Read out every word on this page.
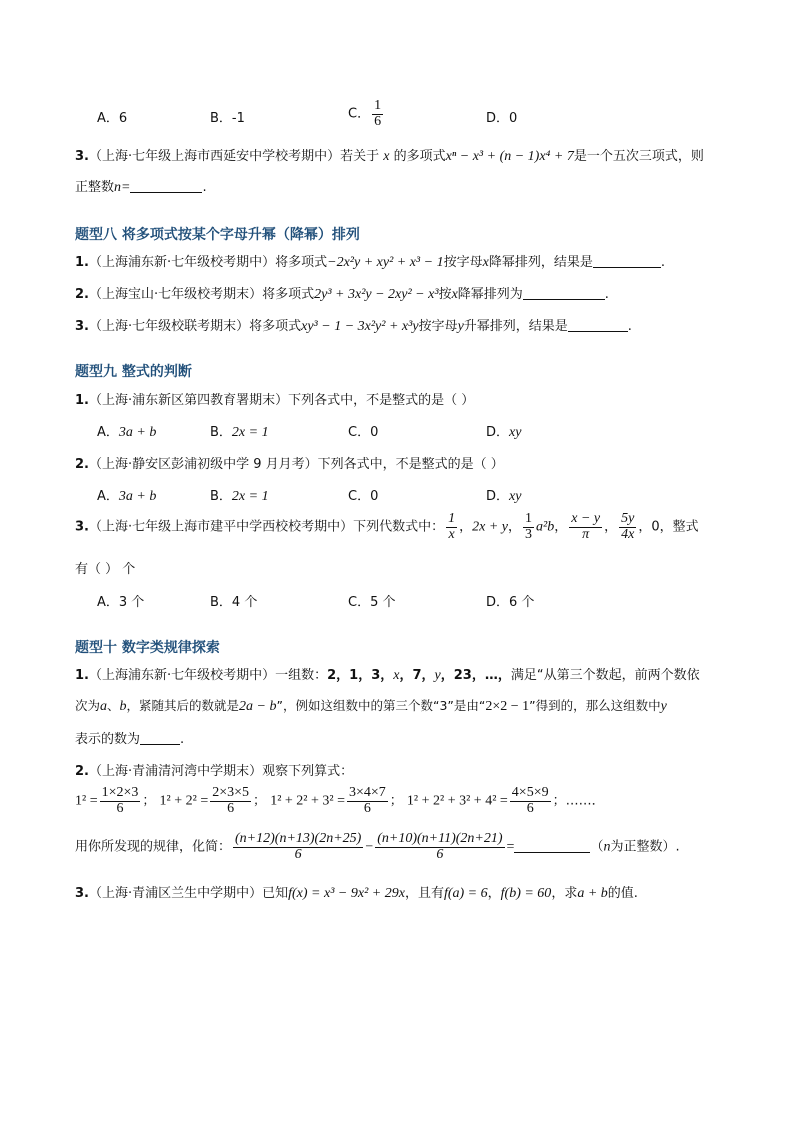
A．6	B．-1	C． $\frac{1}{6}$	D．0
3.（上海·七年级上海市西延安中学校考期中）若关于 x 的多项式xⁿ − x³ + (n − 1)x⁴ + 7是一个五次三项式，则
正整数n=	.
题型八 将多项式按某个字母升幂（降幂）排列
1.（上海浦东新·七年级校考期中）将多项式−2x²y + xy² + x³ − 1按字母x降幂排列，结果是	.
2.（上海宝山·七年级校考期末）将多项式2y³ + 3x²y − 2xy² − x³按x降幂排列为	.
3.（上海·七年级校联考期末）将多项式xy³ − 1 − 3x²y² + x³y按字母y升幂排列，结果是	.
题型九 整式的判断
1.（上海·浦东新区第四教育署期末）下列各式中，不是整式的是（ ）
A．3a + b	B．2x = 1	C．0	D．xy
2.（上海·静安区彭浦初级中学 9 月月考）下列各式中，不是整式的是（ ）
A．3a + b	B．2x = 1	C．0	D．xy
3.（上海·七年级上海市建平中学西校校考期中）下列代数式中： $\frac{1}{x}$ ，2x + y， $\frac{1}{3} a^2b$， $\frac{x - y}{\pi}$ ， $\frac{5y}{4x}$ ，0，整式
有（ ） 个
A．3 个	B．4 个	C．5 个	D．6 个
题型十 数字类规律探索
1.（上海浦东新·七年级校考期中）一组数：2，1，3，x，7，y，23，…，满足“从第三个数起，前两个数依
次为a、b，紧随其后的数就是2a − b”，例如这组数中的第三个数“3”是由“2×2 − 1”得到的，那么这组数中y
表示的数为	.
2.（上海·青浦清河湾中学期末）观察下列算式：
$1^2 = \frac{1\times 2\times 3}{6}$ ； $1^2 + 2^2 = \frac{2\times 3\times 5}{6}$ ； $1^2 + 2^2 + 3^2 = \frac{3\times 4\times 7}{6}$ ； $1^2 + 2^2 + 3^2 + 4^2 = \frac{4\times 5\times 9}{6}$ ；……．
用你所发现的规律，化简： $\frac{(n+12)(n+13)(2n+25)}{6} - \frac{(n+10)(n+11)(2n+21)}{6}$ =	（n为正整数）.
3.（上海·青浦区兰生中学期中）已知f(x) = x³ − 9x² + 29x，且有f(a) = 6，f(b) = 60，求a + b的值.
